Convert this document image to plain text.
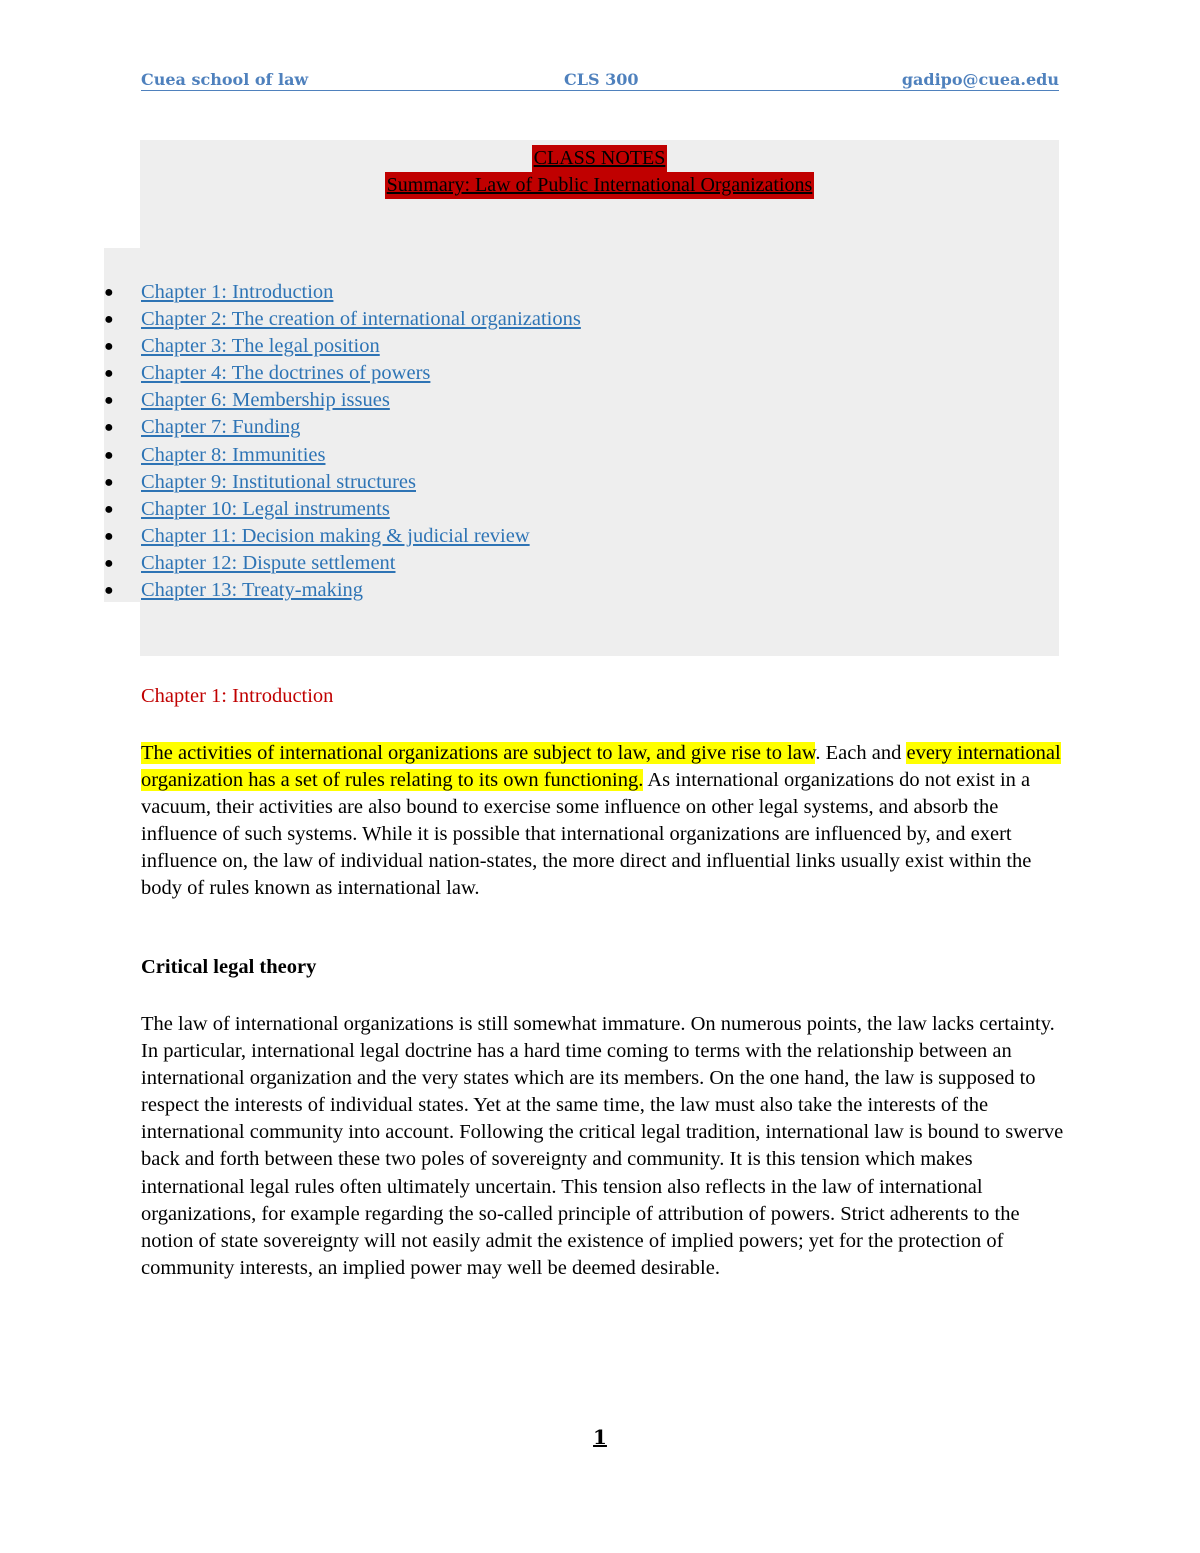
Cuea school of law	CLS 300	gadipo@cuea.edu
CLASS NOTES
Summary: Law of Public International Organizations
● Chapter 1: Introduction
● Chapter 2: The creation of international organizations
● Chapter 3: The legal position
● Chapter 4: The doctrines of powers
● Chapter 6: Membership issues
● Chapter 7: Funding
● Chapter 8: Immunities
● Chapter 9: Institutional structures
● Chapter 10: Legal instruments
● Chapter 11: Decision making & judicial review
● Chapter 12: Dispute settlement
● Chapter 13: Treaty-making
Chapter 1: Introduction

The activities of international organizations are subject to law, and give rise to law. Each and every international organization has a set of rules relating to its own functioning. As international organizations do not exist in a vacuum, their activities are also bound to exercise some influence on other legal systems, and absorb the influence of such systems. While it is possible that international organizations are influenced by, and exert influence on, the law of individual nation-states, the more direct and influential links usually exist within the body of rules known as international law.

Critical legal theory

The law of international organizations is still somewhat immature. On numerous points, the law lacks certainty. In particular, international legal doctrine has a hard time coming to terms with the relationship between an international organization and the very states which are its members. On the one hand, the law is supposed to respect the interests of individual states. Yet at the same time, the law must also take the interests of the international community into account. Following the critical legal tradition, international law is bound to swerve back and forth between these two poles of sovereignty and community. It is this tension which makes international legal rules often ultimately uncertain. This tension also reflects in the law of international organizations, for example regarding the so-called principle of attribution of powers. Strict adherents to the notion of state sovereignty will not easily admit the existence of implied powers; yet for the protection of community interests, an implied power may well be deemed desirable.

1
